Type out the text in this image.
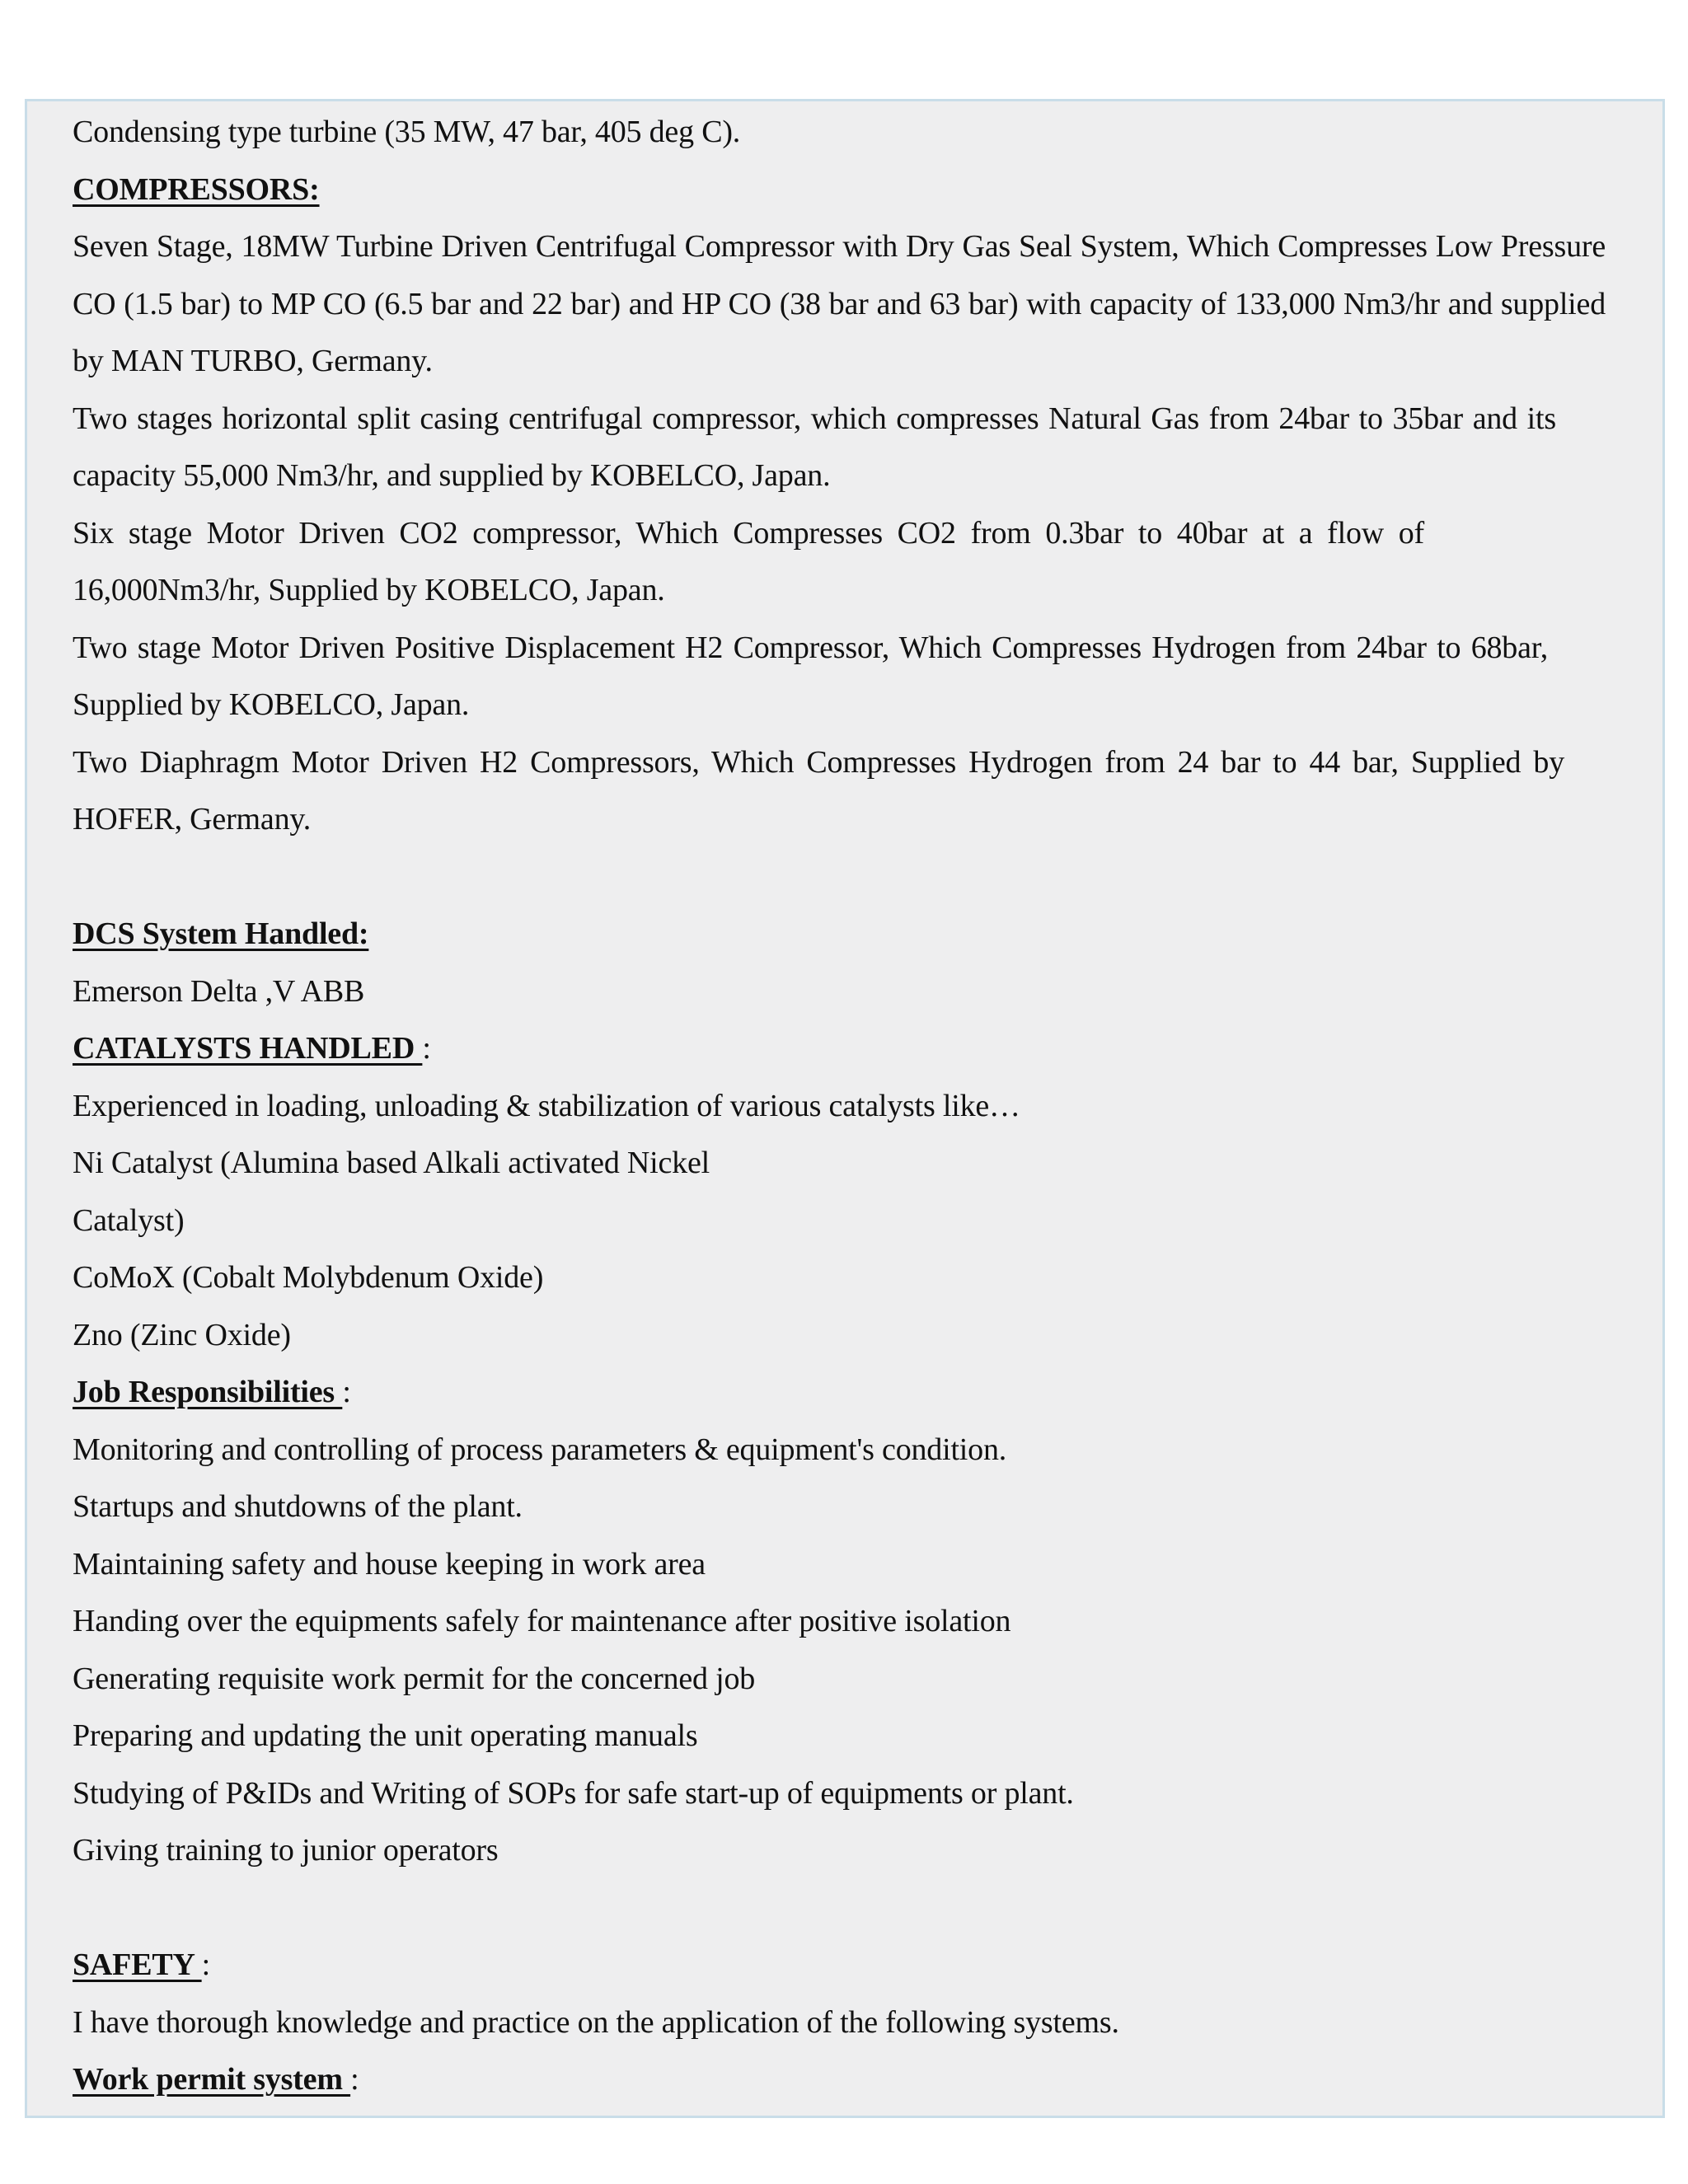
Condensing type turbine (35 MW, 47 bar, 405 deg C).
COMPRESSORS:
Seven Stage, 18MW Turbine Driven Centrifugal Compressor with Dry Gas Seal System, Which Compresses Low Pressure CO (1.5 bar) to MP CO (6.5 bar and 22 bar) and HP CO (38 bar and 63 bar) with capacity of 133,000 Nm3/hr and supplied by MAN TURBO, Germany.
Two stages horizontal split casing centrifugal compressor, which compresses Natural Gas from 24bar to 35bar and its capacity 55,000 Nm3/hr, and supplied by KOBELCO, Japan.
Six stage Motor Driven CO2 compressor, Which Compresses CO2 from 0.3bar to 40bar at a flow of 16,000Nm3/hr, Supplied by KOBELCO, Japan.
Two stage Motor Driven Positive Displacement H2 Compressor, Which Compresses Hydrogen from 24bar to 68bar, Supplied by KOBELCO, Japan.
Two Diaphragm Motor Driven H2 Compressors, Which Compresses Hydrogen from 24 bar to 44 bar, Supplied by HOFER, Germany.
DCS System Handled:
Emerson Delta ,V ABB
CATALYSTS HANDLED :
Experienced in loading, unloading & stabilization of various catalysts like…
Ni Catalyst (Alumina based Alkali activated Nickel
Catalyst)
CoMoX (Cobalt Molybdenum Oxide)
Zno (Zinc Oxide)
Job Responsibilities :
Monitoring and controlling of process parameters & equipment's condition.
Startups and shutdowns of the plant.
Maintaining safety and house keeping in work area
Handing over the equipments safely for maintenance after positive isolation
Generating requisite work permit for the concerned job
Preparing and updating the unit operating manuals
Studying of P&IDs and Writing of SOPs for safe start-up of equipments or plant.
Giving training to junior operators
SAFETY :
I have thorough knowledge and practice on the application of the following systems.
Work permit system :
